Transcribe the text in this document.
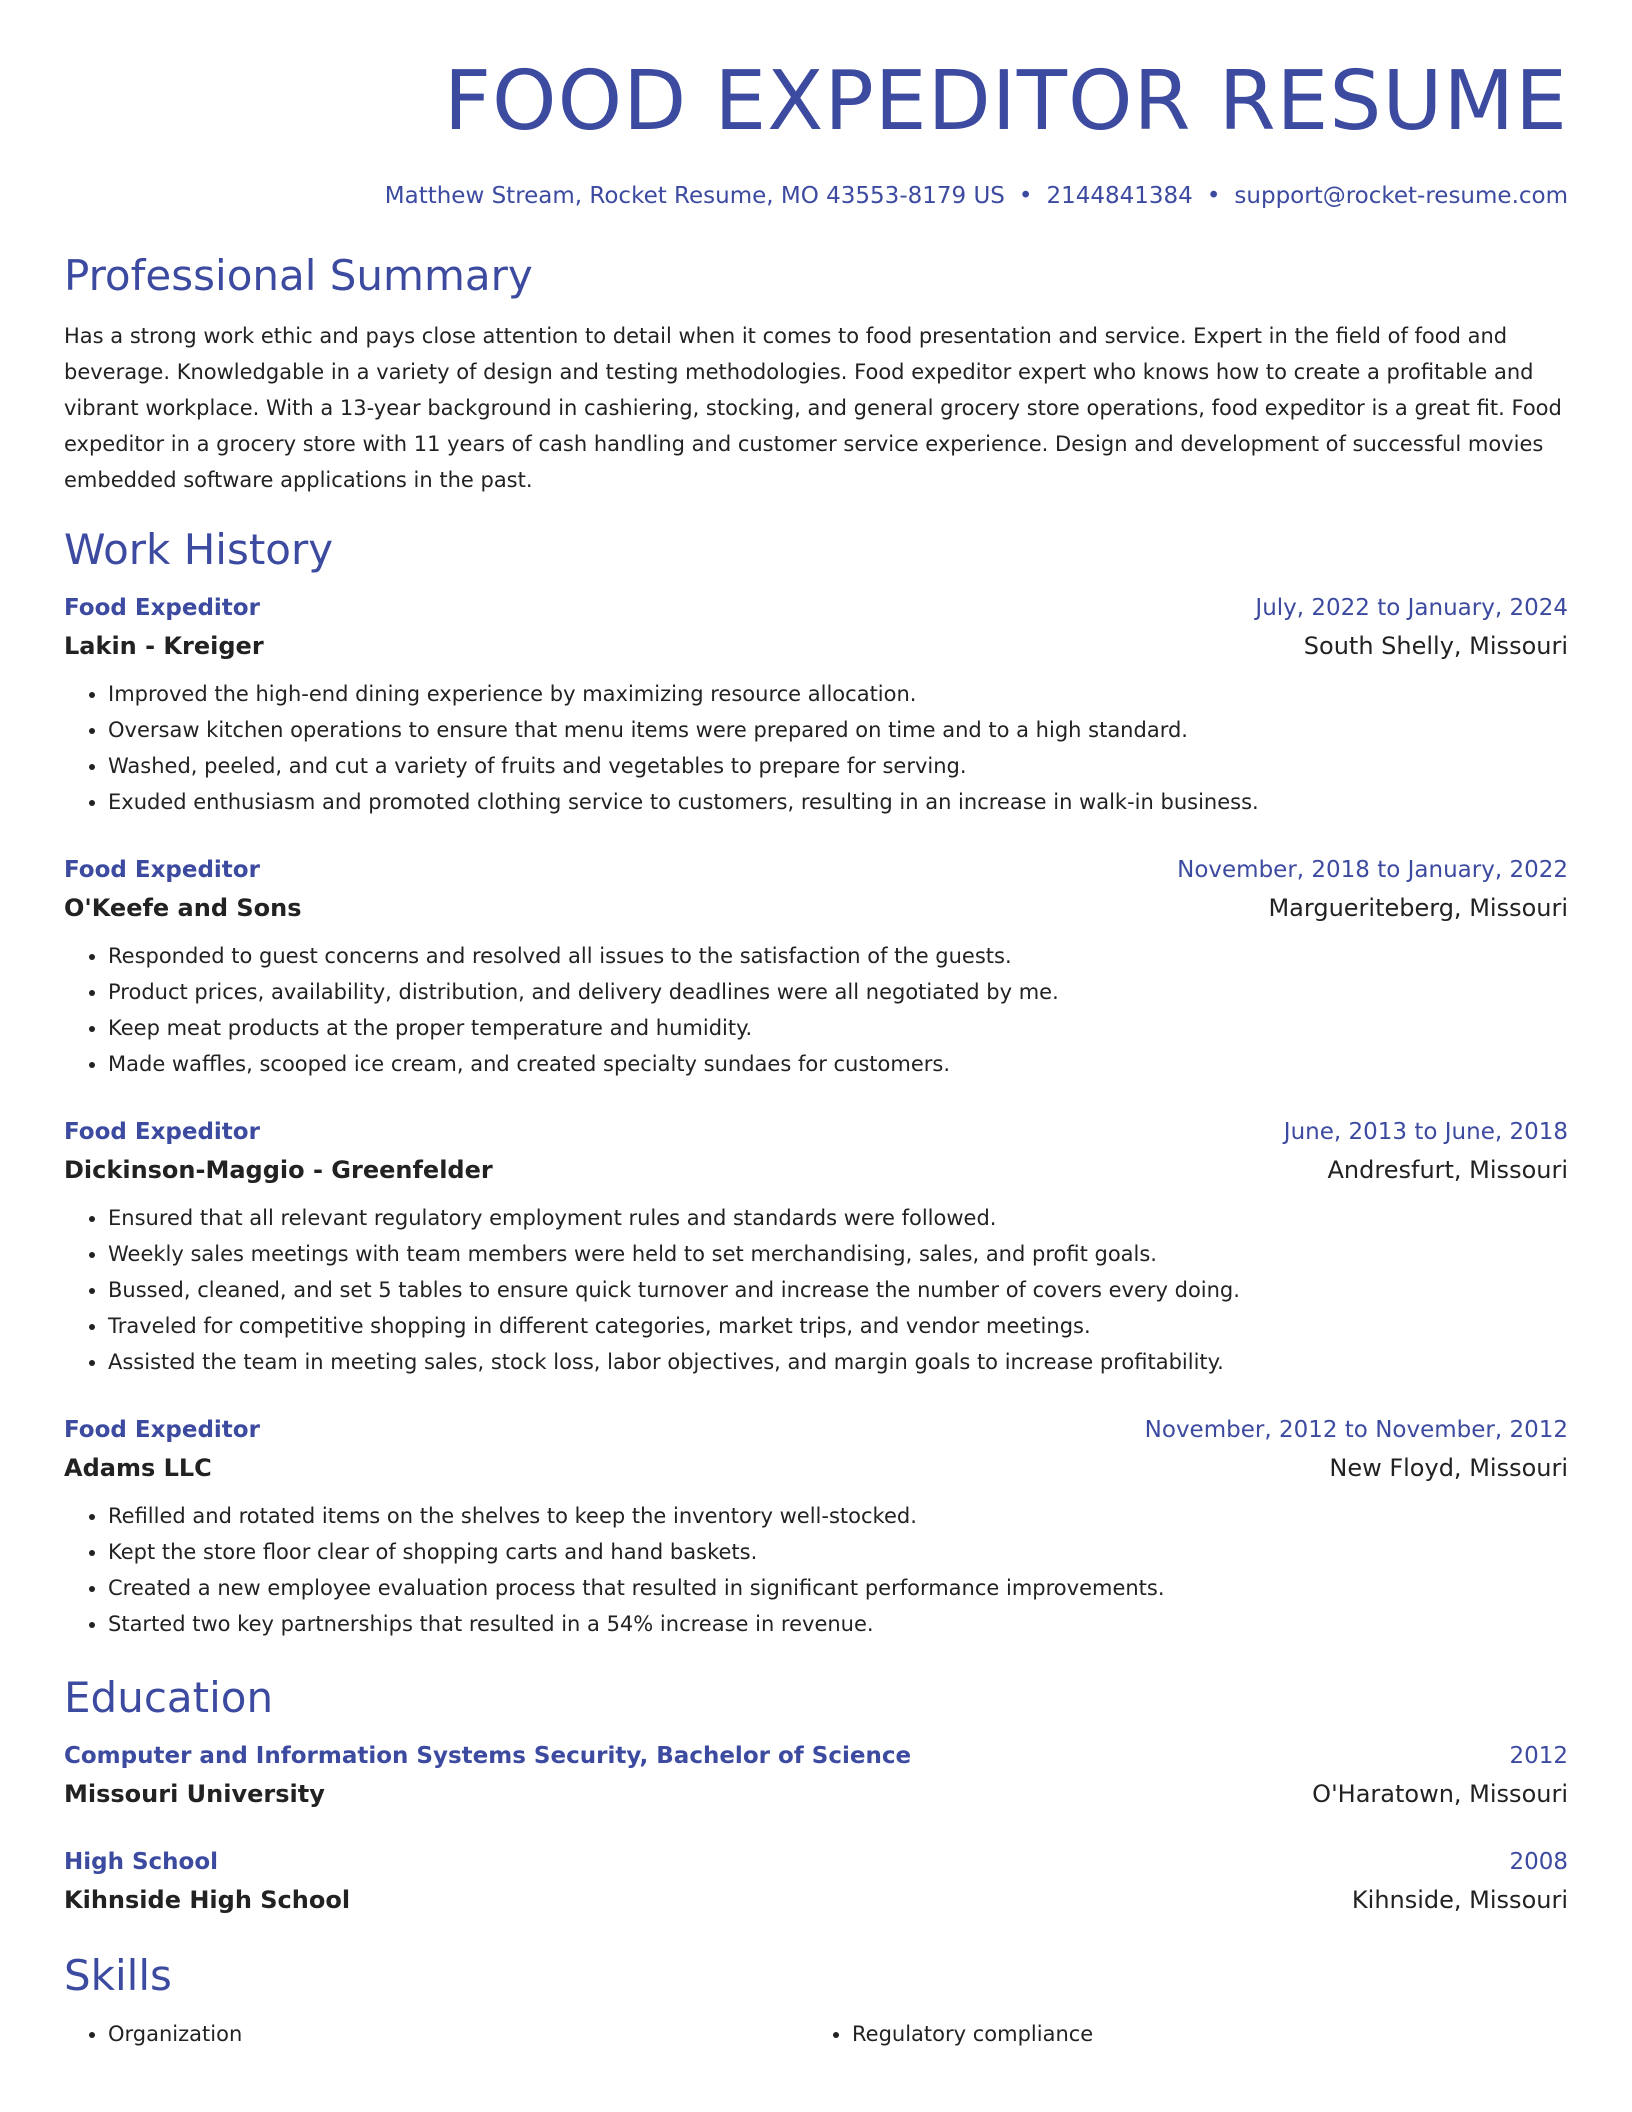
FOOD EXPEDITOR RESUME
Matthew Stream, Rocket Resume, MO 43553-8179 US • 2144841384 • support@rocket-resume.com
Professional Summary
Has a strong work ethic and pays close attention to detail when it comes to food presentation and service. Expert in the field of food and beverage. Knowledgable in a variety of design and testing methodologies. Food expeditor expert who knows how to create a profitable and vibrant workplace. With a 13-year background in cashiering, stocking, and general grocery store operations, food expeditor is a great fit. Food expeditor in a grocery store with 11 years of cash handling and customer service experience. Design and development of successful movies embedded software applications in the past.
Work History
Food Expeditor	July, 2022 to January, 2024
Lakin - Kreiger	South Shelly, Missouri
• Improved the high-end dining experience by maximizing resource allocation.
• Oversaw kitchen operations to ensure that menu items were prepared on time and to a high standard.
• Washed, peeled, and cut a variety of fruits and vegetables to prepare for serving.
• Exuded enthusiasm and promoted clothing service to customers, resulting in an increase in walk-in business.
Food Expeditor	November, 2018 to January, 2022
O'Keefe and Sons	Margueriteberg, Missouri
• Responded to guest concerns and resolved all issues to the satisfaction of the guests.
• Product prices, availability, distribution, and delivery deadlines were all negotiated by me.
• Keep meat products at the proper temperature and humidity.
• Made waffles, scooped ice cream, and created specialty sundaes for customers.
Food Expeditor	June, 2013 to June, 2018
Dickinson-Maggio - Greenfelder	Andresfurt, Missouri
• Ensured that all relevant regulatory employment rules and standards were followed.
• Weekly sales meetings with team members were held to set merchandising, sales, and profit goals.
• Bussed, cleaned, and set 5 tables to ensure quick turnover and increase the number of covers every doing.
• Traveled for competitive shopping in different categories, market trips, and vendor meetings.
• Assisted the team in meeting sales, stock loss, labor objectives, and margin goals to increase profitability.
Food Expeditor	November, 2012 to November, 2012
Adams LLC	New Floyd, Missouri
• Refilled and rotated items on the shelves to keep the inventory well-stocked.
• Kept the store floor clear of shopping carts and hand baskets.
• Created a new employee evaluation process that resulted in significant performance improvements.
• Started two key partnerships that resulted in a 54% increase in revenue.
Education
Computer and Information Systems Security, Bachelor of Science	2012
Missouri University	O'Haratown, Missouri
High School	2008
Kihnside High School	Kihnside, Missouri
Skills
• Organization
•	Regulatory compliance
